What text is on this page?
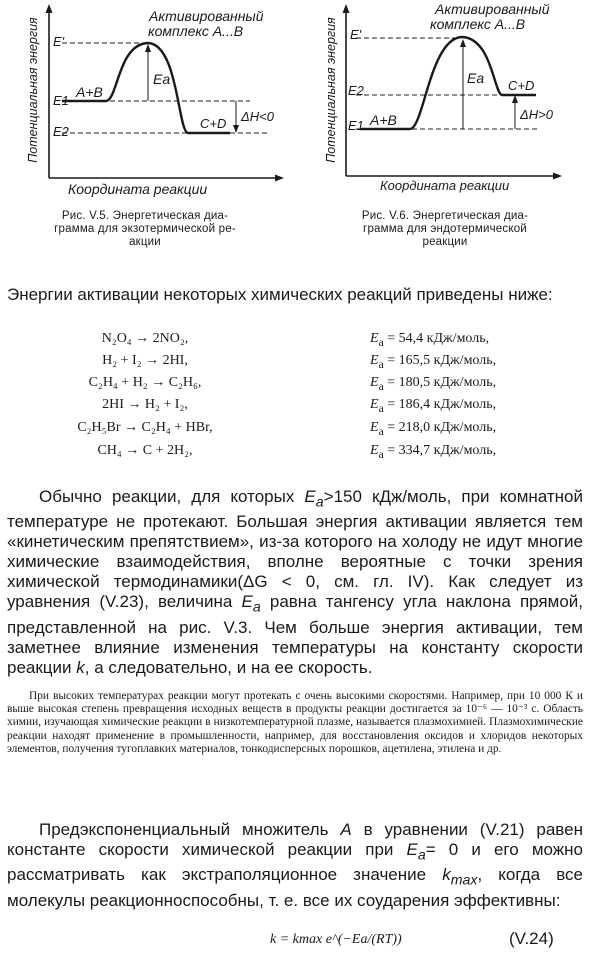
Потенциальная энергия
Активированный
комплекс А...В
E'
E1
E2
A+B
Ea
C+D ΔH<0
Координата реакции
Рис. V.5. Энергетическая диа-
грамма для экзотермической ре-
акции
Потенциальная энергия
Активированный
комплекс А...В
E'
E2
E1 A+B
Ea C+D
ΔH>0
Координата реакции
Рис. V.6. Энергетическая диа-
грамма для эндотермической
реакции
Энергии активации некоторых химических реакций приведены ниже:
N₂O₄ → 2NO₂,	$E_a = 54,4$ кДж/моль,
H₂ + I₂ → 2HI,	$E_a = 165,5$ кДж/моль,
C₂H₄ + H₂ → C₂H₆,	$E_a = 180,5$ кДж/моль,
2HI → H₂ + I₂,	$E_a = 186,4$ кДж/моль,
C₂H₅Br → C₂H₄ + HBr,	$E_a = 218,0$ кДж/моль,
CH₄ → C + 2H₂,	$E_a = 334,7$ кДж/моль,
Обычно реакции, для которых $E_a>150$ кДж/моль, при комнатной температуре не протекают. Большая энергия активации является тем «кинетическим препятствием», из-за которого на холоду не идут многие химические взаимодействия, вполне вероятные с точки зрения химической термодинамики(ΔG < 0, см. гл. IV). Как следует из уравнения (V.23), величина $E_a$ равна тангенсу угла наклона прямой, представленной на рис. V.3. Чем больше энергия активации, тем заметнее влияние изменения температуры на константу скорости реакции k, а следовательно, и на ее скорость.
При высоких температурах реакции могут протекать с очень высокими скоростями. Например, при 10 000 К и выше высокая степень превращения исходных веществ в продукты реакции достигается за 10⁻⁶ — 10⁻³ с. Область химии, изучающая химические реакции в низкотемпературной плазме, называется плазмохимией. Плазмохимические реакции находят применение в промышленности, например, для восстановления оксидов и хлоридов некоторых элементов, получения тугоплавких материалов, тонкодисперсных порошков, ацетилена, этилена и др.
Предэкспоненциальный множитель A в уравнении (V.21) равен константе скорости химической реакции при $E_a= 0$ и его можно рассматривать как экстраполяционное значение $k_{max}$, когда все молекулы реакционноспособны, т. е. все их соударения эффективны:
k = kmax e^(−Ea/(RT))	(V.24)
